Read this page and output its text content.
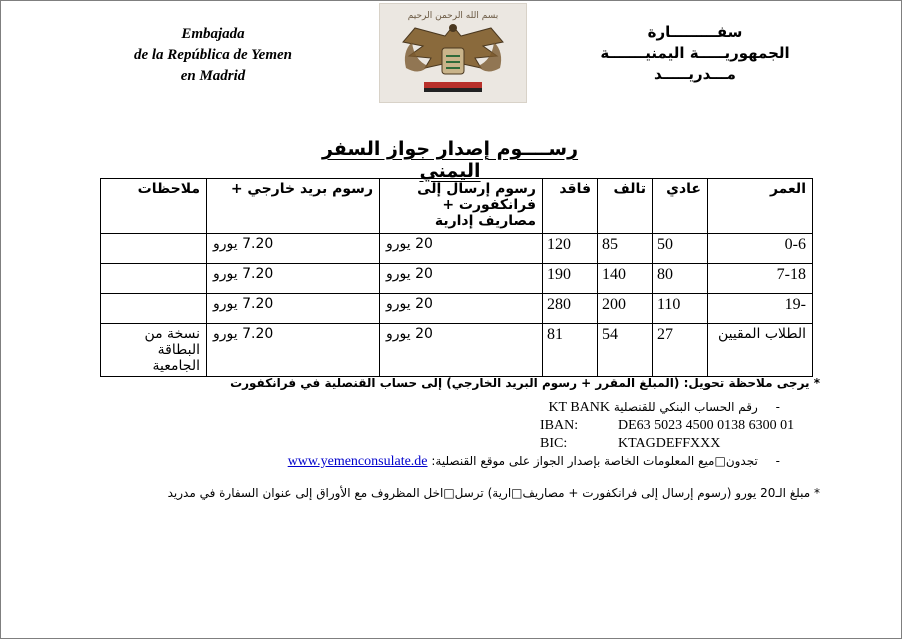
Embajada
de la República de Yemen
en Madrid
بسم الله الرحمن الرحيم
سفـــــــــارة
الجمهوريـــــة اليمنيـــــــة
مـــدريـــــد
رســــوم إصدار جواز السفر اليمني
العمر	عادي	تالف	فاقد	رسوم إرسال إلى فرانكفورت + مصاريف إدارية	رسوم بريد خارجي +	ملاحظات
0-6	50	85	120	20 يورو	7.20 يورو	
7-18	80	140	190	20 يورو	7.20 يورو	
19-	110	200	280	20 يورو	7.20 يورو	
الطلاب المقيين	27	54	81	20 يورو	7.20 يورو	نسخة من البطاقة الجامعية
* يرجى ملاحظة تحويل: (المبلغ المقرر + رسوم البريد الخارجي) إلى حساب القنصلية في فرانكفورت
- رقم الحساب البنكي للقنصلية KT BANK
IBAN:	DE63 5023 4500 0138 6300 01
BIC:	KTAGDEFFXXX
- تجدون□ميع المعلومات الخاصة بإصدار الجواز على موقع القنصلية: www.yemenconsulate.de
* مبلغ الـ20 يورو (رسوم إرسال إلى فرانكفورت + مصاريف□ارية) ترسل□اخل المظروف مع الأوراق إلى عنوان السفارة في مدريد
